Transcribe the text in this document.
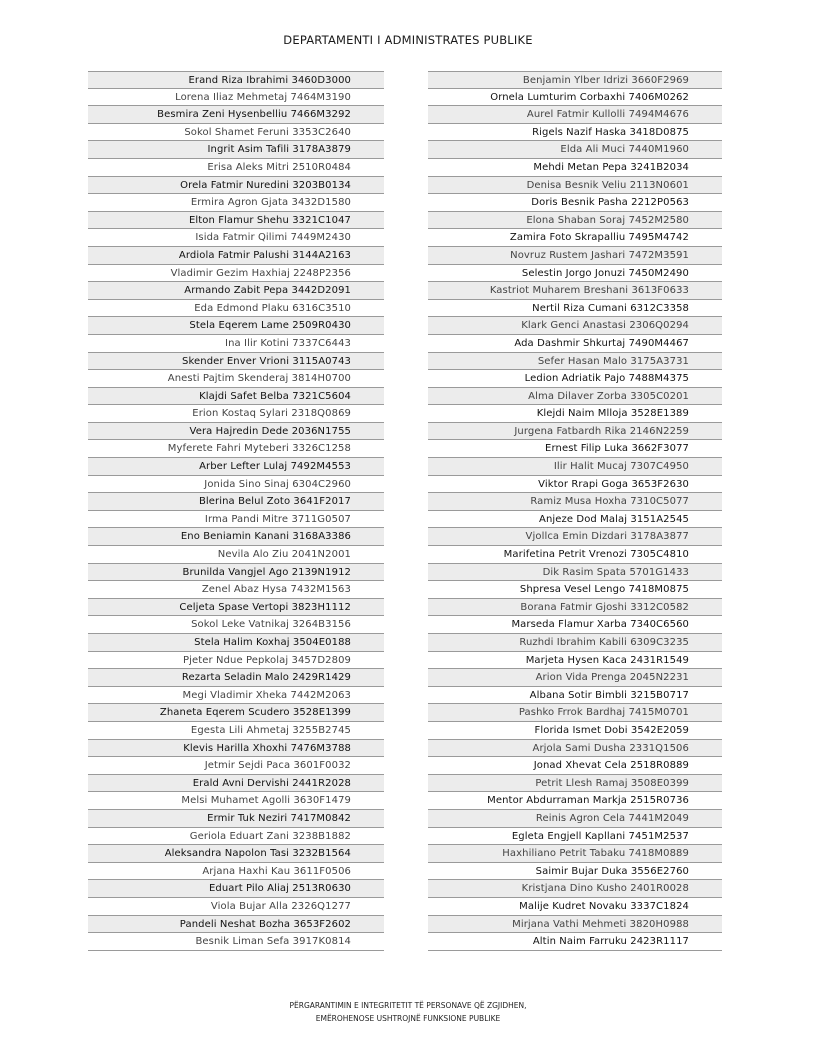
DEPARTAMENTI I ADMINISTRATES PUBLIKE
Erand Riza Ibrahimi 3460D3000
Lorena Iliaz Mehmetaj 7464M3190
Besmira Zeni Hysenbelliu 7466M3292
Sokol Shamet Feruni 3353C2640
Ingrit Asim Tafili 3178A3879
Erisa Aleks Mitri 2510R0484
Orela Fatmir Nuredini 3203B0134
Ermira Agron Gjata 3432D1580
Elton Flamur Shehu 3321C1047
Isida Fatmir Qilimi 7449M2430
Ardiola Fatmir Palushi 3144A2163
Vladimir Gezim Haxhiaj 2248P2356
Armando Zabit Pepa 3442D2091
Eda Edmond Plaku 6316C3510
Stela Eqerem Lame 2509R0430
Ina Ilir Kotini 7337C6443
Skender Enver Vrioni 3115A0743
Anesti Pajtim Skenderaj 3814H0700
Klajdi Safet Belba 7321C5604
Erion Kostaq Sylari 2318Q0869
Vera Hajredin Dede 2036N1755
Myferete Fahri Myteberi 3326C1258
Arber Lefter Lulaj 7492M4553
Jonida Sino Sinaj 6304C2960
Blerina Belul Zoto 3641F2017
Irma Pandi Mitre 3711G0507
Eno Beniamin Kanani 3168A3386
Nevila Alo Ziu 2041N2001
Brunilda Vangjel Ago 2139N1912
Zenel Abaz Hysa 7432M1563
Celjeta Spase Vertopi 3823H1112
Sokol Leke Vatnikaj 3264B3156
Stela Halim Koxhaj 3504E0188
Pjeter Ndue Pepkolaj 3457D2809
Rezarta Seladin Malo 2429R1429
Megi Vladimir Xheka 7442M2063
Zhaneta Eqerem Scudero 3528E1399
Egesta Lili Ahmetaj 3255B2745
Klevis Harilla Xhoxhi 7476M3788
Jetmir Sejdi Paca 3601F0032
Erald Avni Dervishi 2441R2028
Melsi Muhamet Agolli 3630F1479
Ermir Tuk Neziri 7417M0842
Geriola Eduart Zani 3238B1882
Aleksandra Napolon Tasi 3232B1564
Arjana Haxhi Kau 3611F0506
Eduart Pilo Aliaj 2513R0630
Viola Bujar Alla 2326Q1277
Pandeli Neshat Bozha 3653F2602
Besnik Liman Sefa 3917K0814
Benjamin Ylber Idrizi 3660F2969
Ornela Lumturim Corbaxhi 7406M0262
Aurel Fatmir Kullolli 7494M4676
Rigels Nazif Haska 3418D0875
Elda Ali Muci 7440M1960
Mehdi Metan Pepa 3241B2034
Denisa Besnik Veliu 2113N0601
Doris Besnik Pasha 2212P0563
Elona Shaban Soraj 7452M2580
Zamira Foto Skrapalliu 7495M4742
Novruz Rustem Jashari 7472M3591
Selestin Jorgo Jonuzi 7450M2490
Kastriot Muharem Breshani 3613F0633
Nertil Riza Cumani 6312C3358
Klark Genci Anastasi 2306Q0294
Ada Dashmir Shkurtaj 7490M4467
Sefer Hasan Malo 3175A3731
Ledion Adriatik Pajo 7488M4375
Alma Dilaver Zorba 3305C0201
Klejdi Naim Mlloja 3528E1389
Jurgena Fatbardh Rika 2146N2259
Ernest Filip Luka 3662F3077
Ilir Halit Mucaj 7307C4950
Viktor Rrapi Goga 3653F2630
Ramiz Musa Hoxha 7310C5077
Anjeze Dod Malaj 3151A2545
Vjollca Emin Dizdari 3178A3877
Marifetina Petrit Vrenozi 7305C4810
Dik Rasim Spata 5701G1433
Shpresa Vesel Lengo 7418M0875
Borana Fatmir Gjoshi 3312C0582
Marseda Flamur Xarba 7340C6560
Ruzhdi Ibrahim Kabili 6309C3235
Marjeta Hysen Kaca 2431R1549
Arion Vida Prenga 2045N2231
Albana Sotir Bimbli 3215B0717
Pashko Frrok Bardhaj 7415M0701
Florida Ismet Dobi 3542E2059
Arjola Sami Dusha 2331Q1506
Jonad Xhevat Cela 2518R0889
Petrit Llesh Ramaj 3508E0399
Mentor Abdurraman Markja 2515R0736
Reinis Agron Cela 7441M2049
Egleta Engjell Kapllani 7451M2537
Haxhiliano Petrit Tabaku 7418M0889
Saimir Bujar Duka 3556E2760
Kristjana Dino Kusho 2401R0028
Malije Kudret Novaku 3337C1824
Mirjana Vathi Mehmeti 3820H0988
Altin Naim Farruku 2423R1117
PËRGARANTIMIN E INTEGRITETIT TË PERSONAVE QË ZGJIDHEN,
EMËROHENOSE USHTROJNË FUNKSIONE PUBLIKE
